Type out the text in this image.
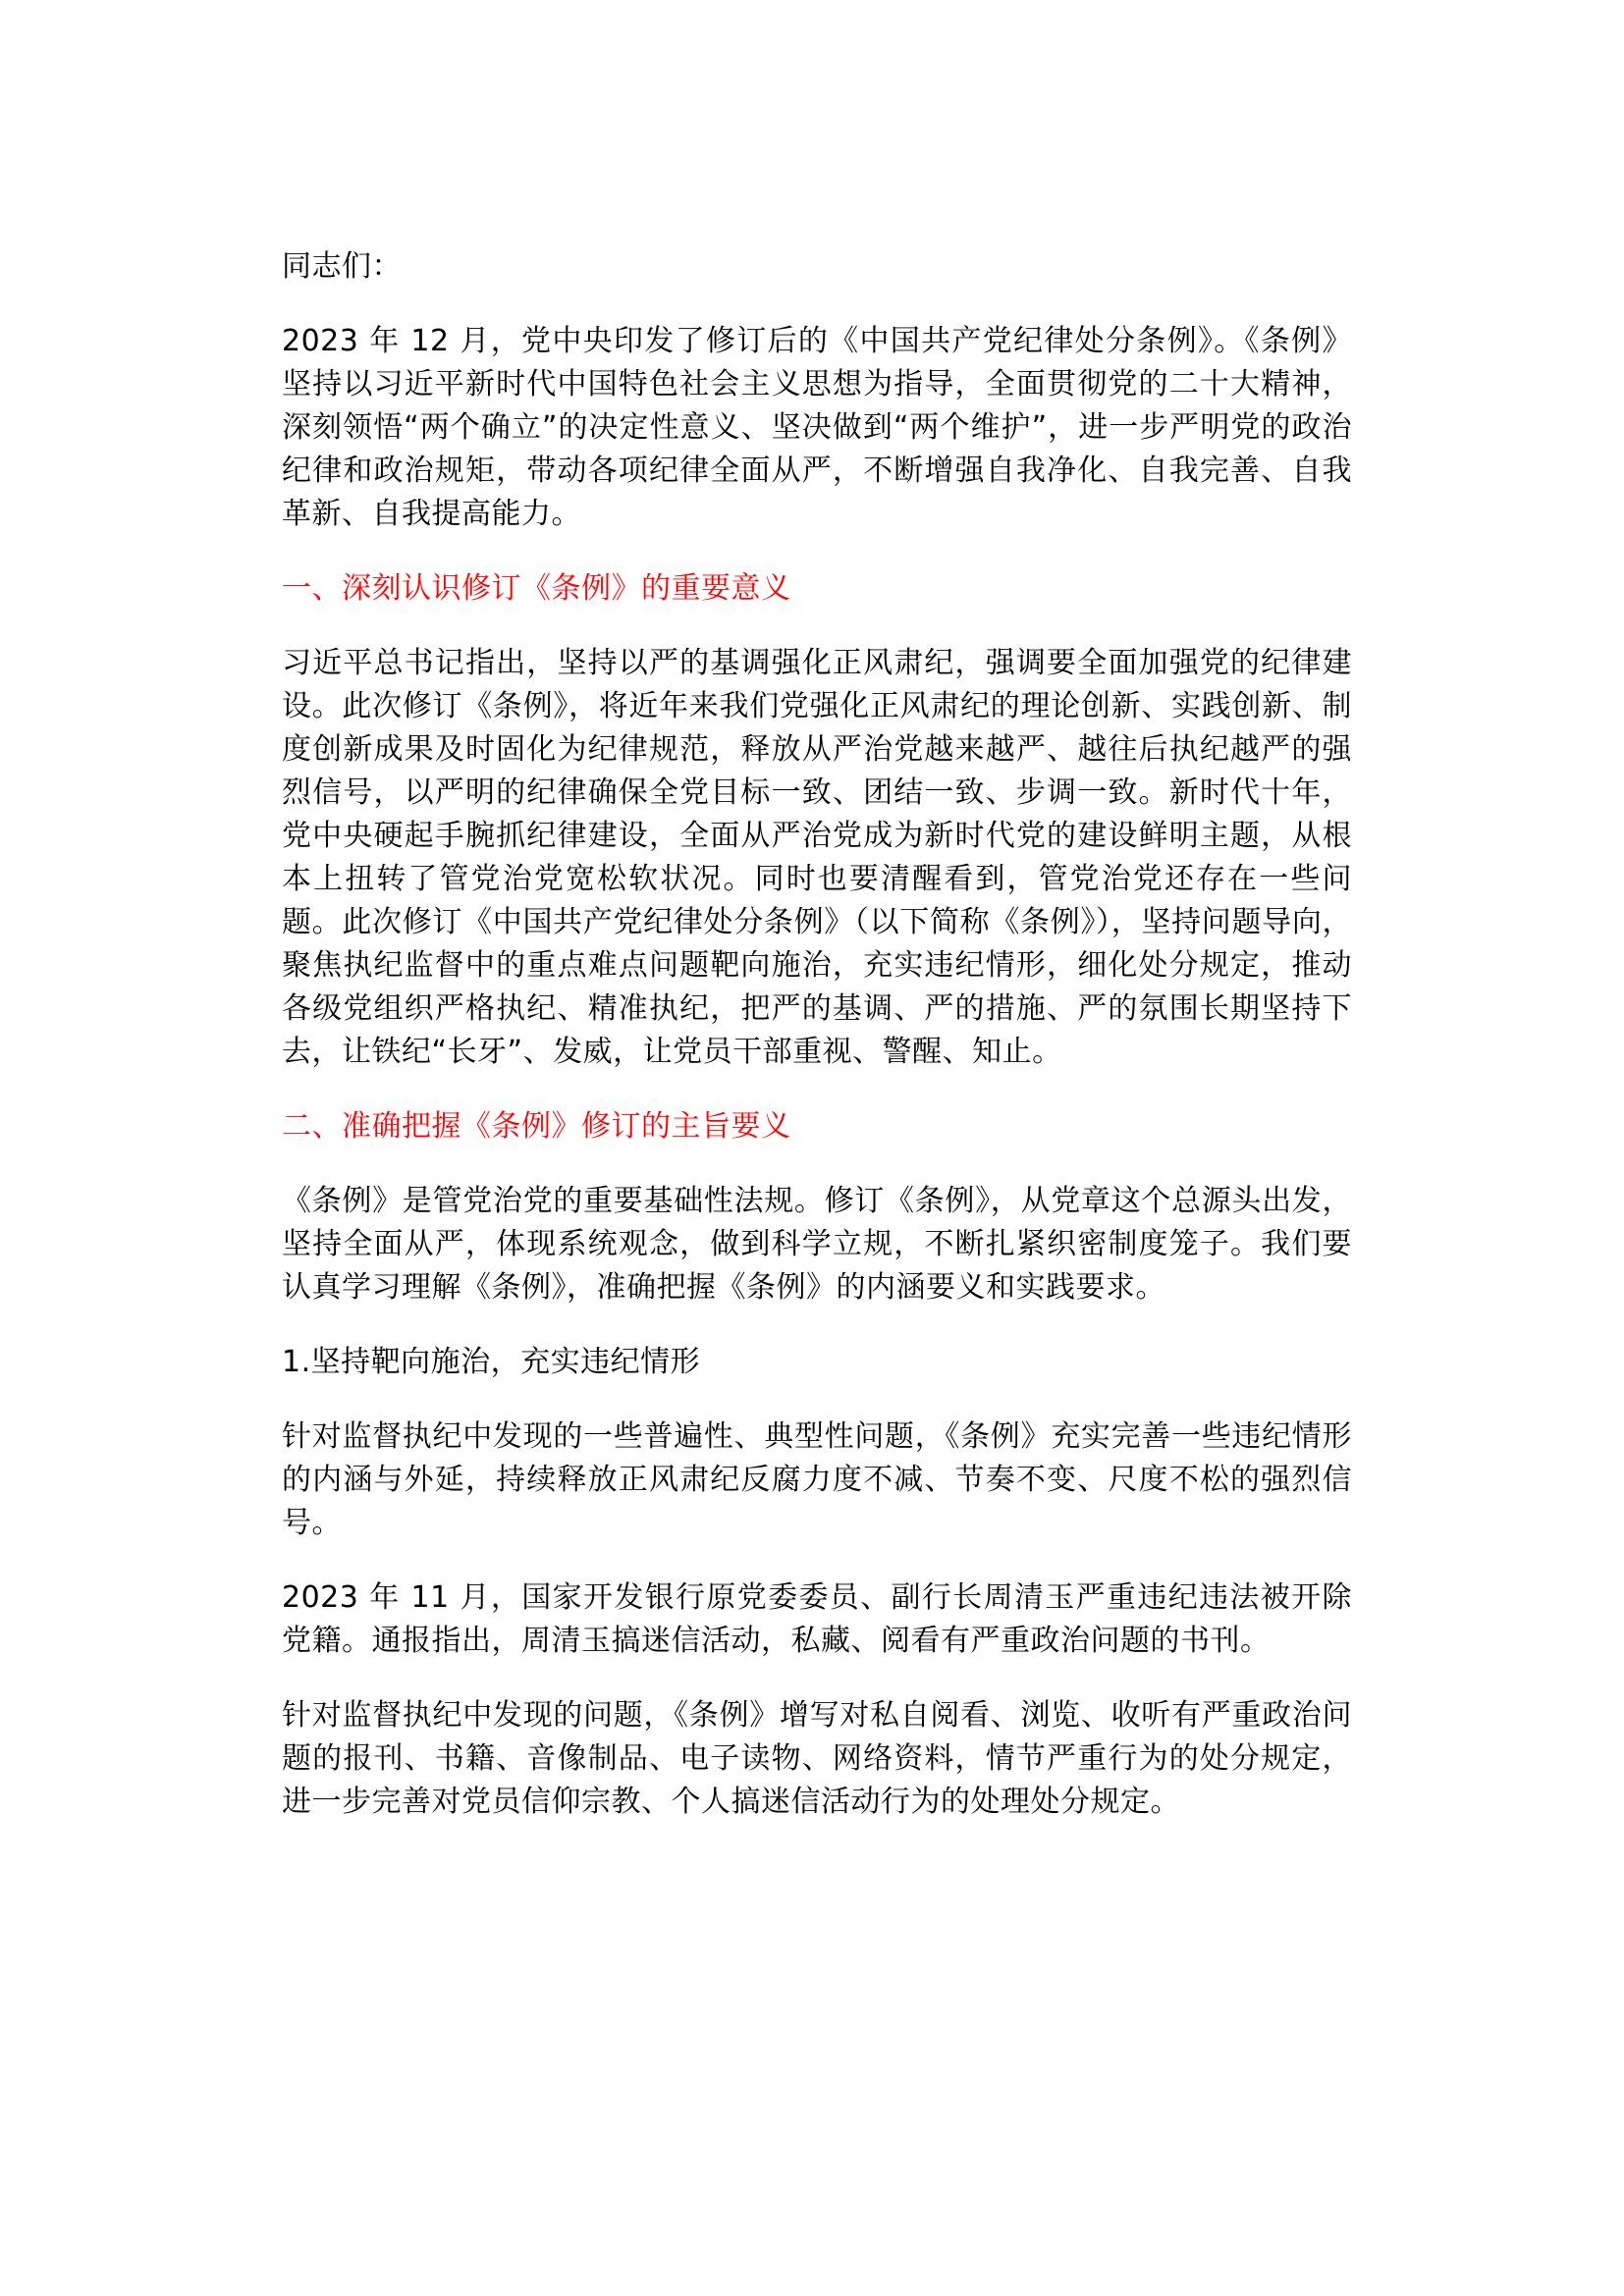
同志们：

2023 年 12 月，党中央印发了修订后的《中国共产党纪律处分条例》。《条例》坚持以习近平新时代中国特色社会主义思想为指导，全面贯彻党的二十大精神，深刻领悟“两个确立”的决定性意义、坚决做到“两个维护”，进一步严明党的政治纪律和政治规矩，带动各项纪律全面从严，不断增强自我净化、自我完善、自我革新、自我提高能力。

一、深刻认识修订《条例》的重要意义

习近平总书记指出，坚持以严的基调强化正风肃纪，强调要全面加强党的纪律建设。此次修订《条例》，将近年来我们党强化正风肃纪的理论创新、实践创新、制度创新成果及时固化为纪律规范，释放从严治党越来越严、越往后执纪越严的强烈信号，以严明的纪律确保全党目标一致、团结一致、步调一致。新时代十年，党中央硬起手腕抓纪律建设，全面从严治党成为新时代党的建设鲜明主题，从根本上扭转了管党治党宽松软状况。同时也要清醒看到，管党治党还存在一些问题。此次修订《中国共产党纪律处分条例》（以下简称《条例》），坚持问题导向，聚焦执纪监督中的重点难点问题靶向施治，充实违纪情形，细化处分规定，推动各级党组织严格执纪、精准执纪，把严的基调、严的措施、严的氛围长期坚持下去，让铁纪“长牙”、发威，让党员干部重视、警醒、知止。

二、准确把握《条例》修订的主旨要义

《条例》是管党治党的重要基础性法规。修订《条例》，从党章这个总源头出发，坚持全面从严，体现系统观念，做到科学立规，不断扎紧织密制度笼子。我们要认真学习理解《条例》，准确把握《条例》的内涵要义和实践要求。

1.坚持靶向施治，充实违纪情形

针对监督执纪中发现的一些普遍性、典型性问题，《条例》充实完善一些违纪情形的内涵与外延，持续释放正风肃纪反腐力度不减、节奏不变、尺度不松的强烈信号。

2023 年 11 月，国家开发银行原党委委员、副行长周清玉严重违纪违法被开除党籍。通报指出，周清玉搞迷信活动，私藏、阅看有严重政治问题的书刊。

针对监督执纪中发现的问题，《条例》增写对私自阅看、浏览、收听有严重政治问题的报刊、书籍、音像制品、电子读物、网络资料，情节严重行为的处分规定，进一步完善对党员信仰宗教、个人搞迷信活动行为的处理处分规定。
